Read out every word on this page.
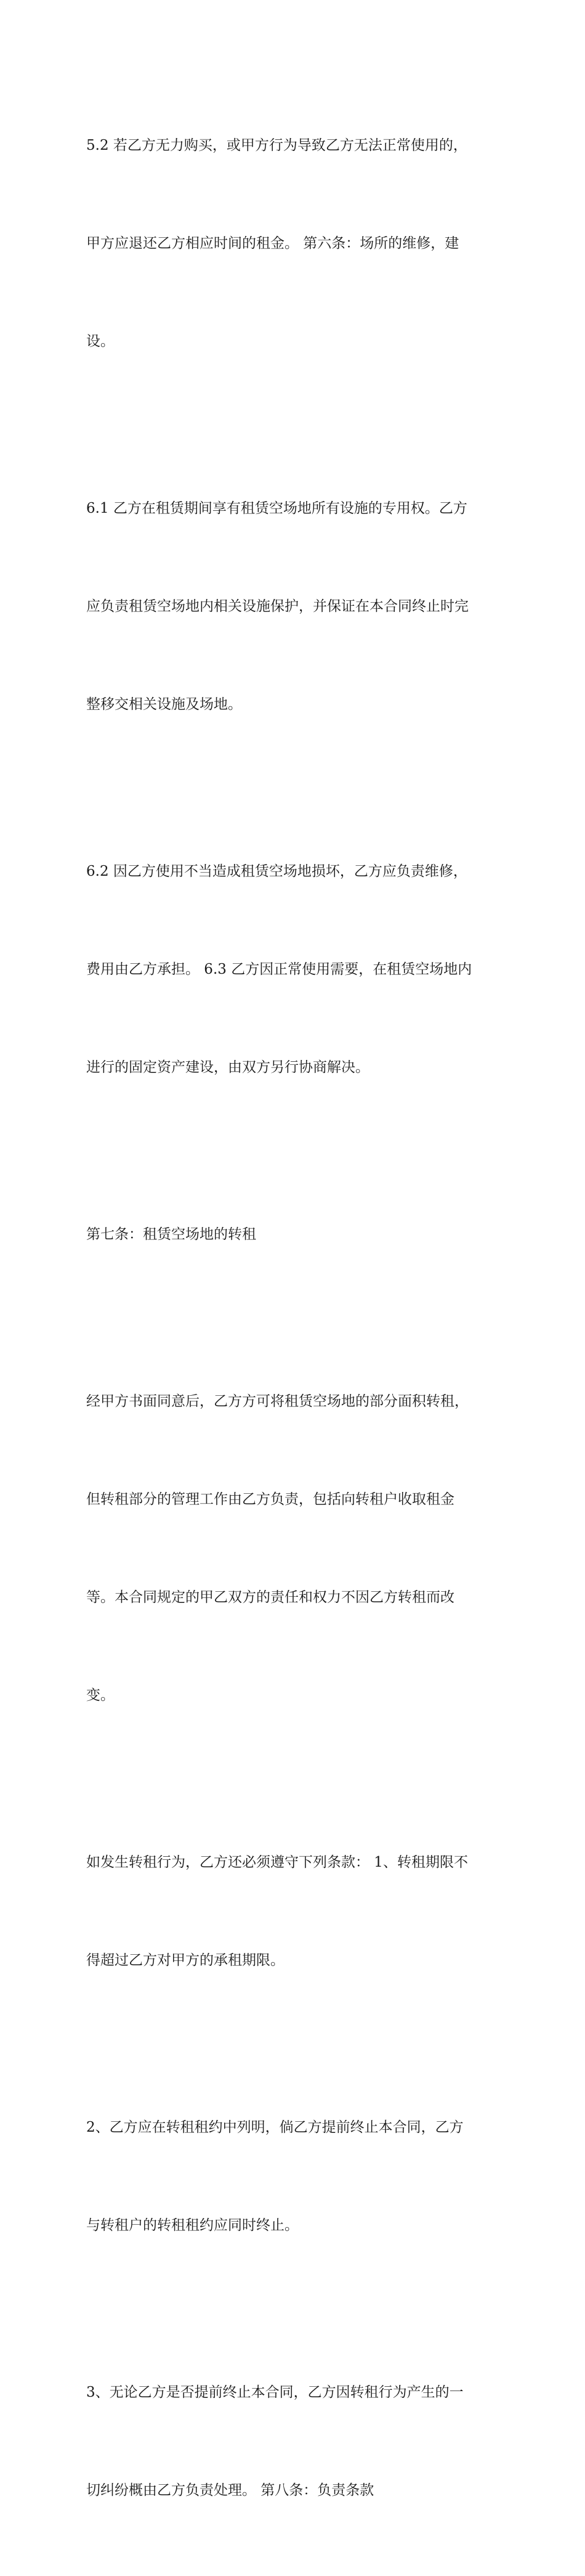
5.2 若乙方无力购买，或甲方行为导致乙方无法正常使用的，

甲方应退还乙方相应时间的租金。 第六条：场所的维修，建

设。

6.1 乙方在租赁期间享有租赁空场地所有设施的专用权。乙方

应负责租赁空场地内相关设施保护，并保证在本合同终止时完

整移交相关设施及场地。

6.2 因乙方使用不当造成租赁空场地损坏，乙方应负责维修，

费用由乙方承担。 6.3 乙方因正常使用需要，在租赁空场地内

进行的固定资产建设，由双方另行协商解决。

第七条：租赁空场地的转租

经甲方书面同意后，乙方方可将租赁空场地的部分面积转租，

但转租部分的管理工作由乙方负责，包括向转租户收取租金

等。本合同规定的甲乙双方的责任和权力不因乙方转租而改

变。

如发生转租行为，乙方还必须遵守下列条款： 1、转租期限不

得超过乙方对甲方的承租期限。

2、乙方应在转租租约中列明，倘乙方提前终止本合同，乙方

与转租户的转租租约应同时终止。

3、无论乙方是否提前终止本合同，乙方因转租行为产生的一

切纠纷概由乙方负责处理。 第八条：负责条款
